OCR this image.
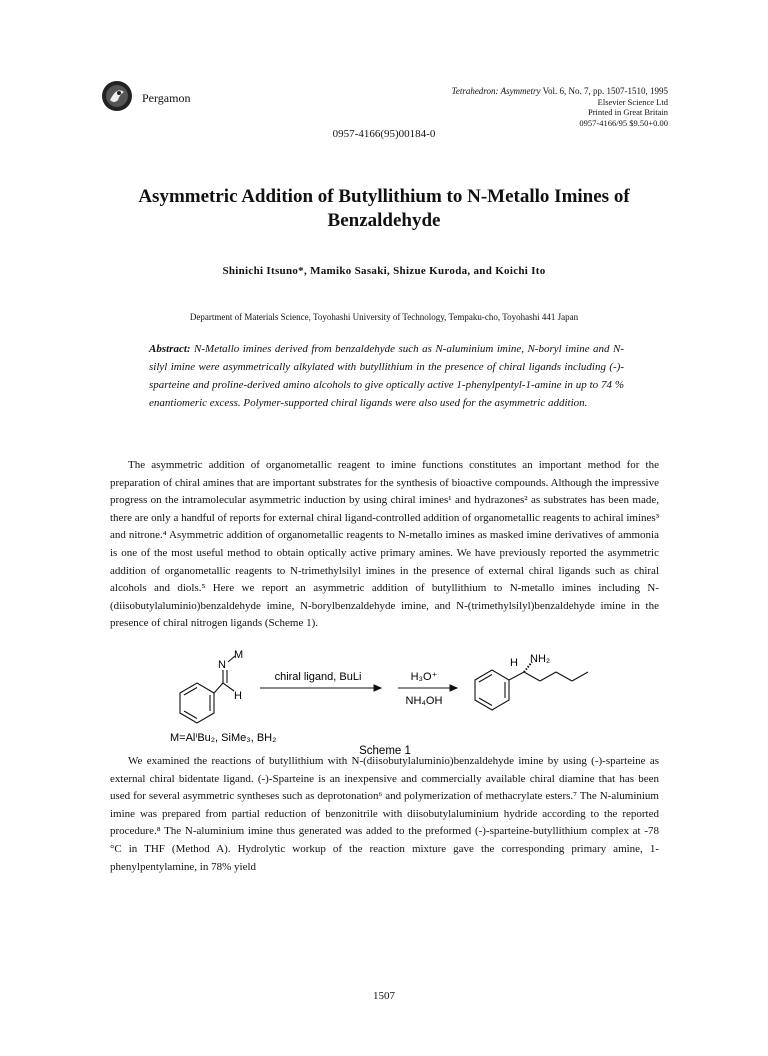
Pergamon	Tetrahedron: Asymmetry Vol. 6, No. 7, pp. 1507-1510, 1995
Elsevier Science Ltd
Printed in Great Britain
0957-4166/95 $9.50+0.00
0957-4166(95)00184-0
Asymmetric Addition of Butyllithium to N-Metallo Imines of Benzaldehyde
Shinichi Itsuno*, Mamiko Sasaki, Shizue Kuroda, and Koichi Ito
Department of Materials Science, Toyohashi University of Technology, Tempaku-cho, Toyohashi 441 Japan
Abstract: N-Metallo imines derived from benzaldehyde such as N-aluminium imine, N-boryl imine and N-silyl imine were asymmetrically alkylated with butyllithium in the presence of chiral ligands including (-)-sparteine and proline-derived amino alcohols to give optically active 1-phenylpentyl-1-amine in up to 74 % enantiomeric excess. Polymer-supported chiral ligands were also used for the asymmetric addition.
The asymmetric addition of organometallic reagent to imine functions constitutes an important method for the preparation of chiral amines that are important substrates for the synthesis of bioactive compounds. Although the impressive progress on the intramolecular asymmetric induction by using chiral imines¹ and hydrazones² as substrates has been made, there are only a handful of reports for external chiral ligand-controlled addition of organometallic reagents to achiral imines³ and nitrone.⁴ Asymmetric addition of organometallic reagents to N-metallo imines as masked imine derivatives of ammonia is one of the most useful method to obtain optically active primary amines. We have previously reported the asymmetric addition of organometallic reagents to N-trimethylsilyl imines in the presence of external chiral ligands such as chiral alcohols and diols.⁵ Here we report an asymmetric addition of butyllithium to N-metallo imines including N-(diisobutylaluminio)benzaldehyde imine, N-borylbenzaldehyde imine, and N-(trimethylsilyl)benzaldehyde imine in the presence of chiral nitrogen ligands (Scheme 1).
N
M
H
chiral ligand, BuLi	H₃O⁺
NH₄OH
H NH₂
M=AlⁱBu₂, SiMe₃, BH₂
Scheme 1
We examined the reactions of butyllithium with N-(diisobutylaluminio)benzaldehyde imine by using (-)-sparteine as external chiral bidentate ligand. (-)-Sparteine is an inexpensive and commercially available chiral diamine that has been used for several asymmetric syntheses such as deprotonation⁶ and polymerization of methacrylate esters.⁷ The N-aluminium imine was prepared from partial reduction of benzonitrile with diisobutylaluminium hydride according to the reported procedure.⁸ The N-aluminium imine thus generated was added to the preformed (-)-sparteine-butyllithium complex at -78 °C in THF (Method A). Hydrolytic workup of the reaction mixture gave the corresponding primary amine, 1-phenylpentylamine, in 78% yield
1507
